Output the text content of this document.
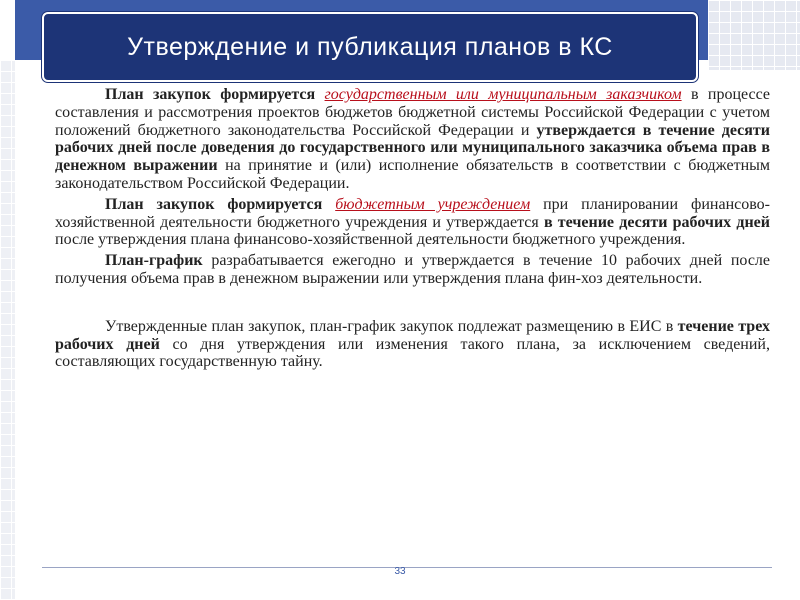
Утверждение и публикация планов в КС

План закупок формируется государственным или муниципальным заказчиком в процессе составления и рассмотрения проектов бюджетов бюджетной системы Российской Федерации с учетом положений бюджетного законодательства Российской Федерации и утверждается в течение десяти рабочих дней после доведения до государственного или муниципального заказчика объема прав в денежном выражении на принятие и (или) исполнение обязательств в соответствии с бюджетным законодательством Российской Федерации.

План закупок формируется бюджетным учреждением при планировании финансово-хозяйственной деятельности бюджетного учреждения и утверждается в течение десяти рабочих дней после утверждения плана финансово-хозяйственной деятельности бюджетного учреждения.

План-график разрабатывается ежегодно и утверждается в течение 10 рабочих дней после получения объема прав в денежном выражении или утверждения плана фин-хоз деятельности.

Утвержденные план закупок, план-график закупок подлежат размещению в ЕИС в течение трех рабочих дней со дня утверждения или изменения такого плана, за исключением сведений, составляющих государственную тайну.

33
